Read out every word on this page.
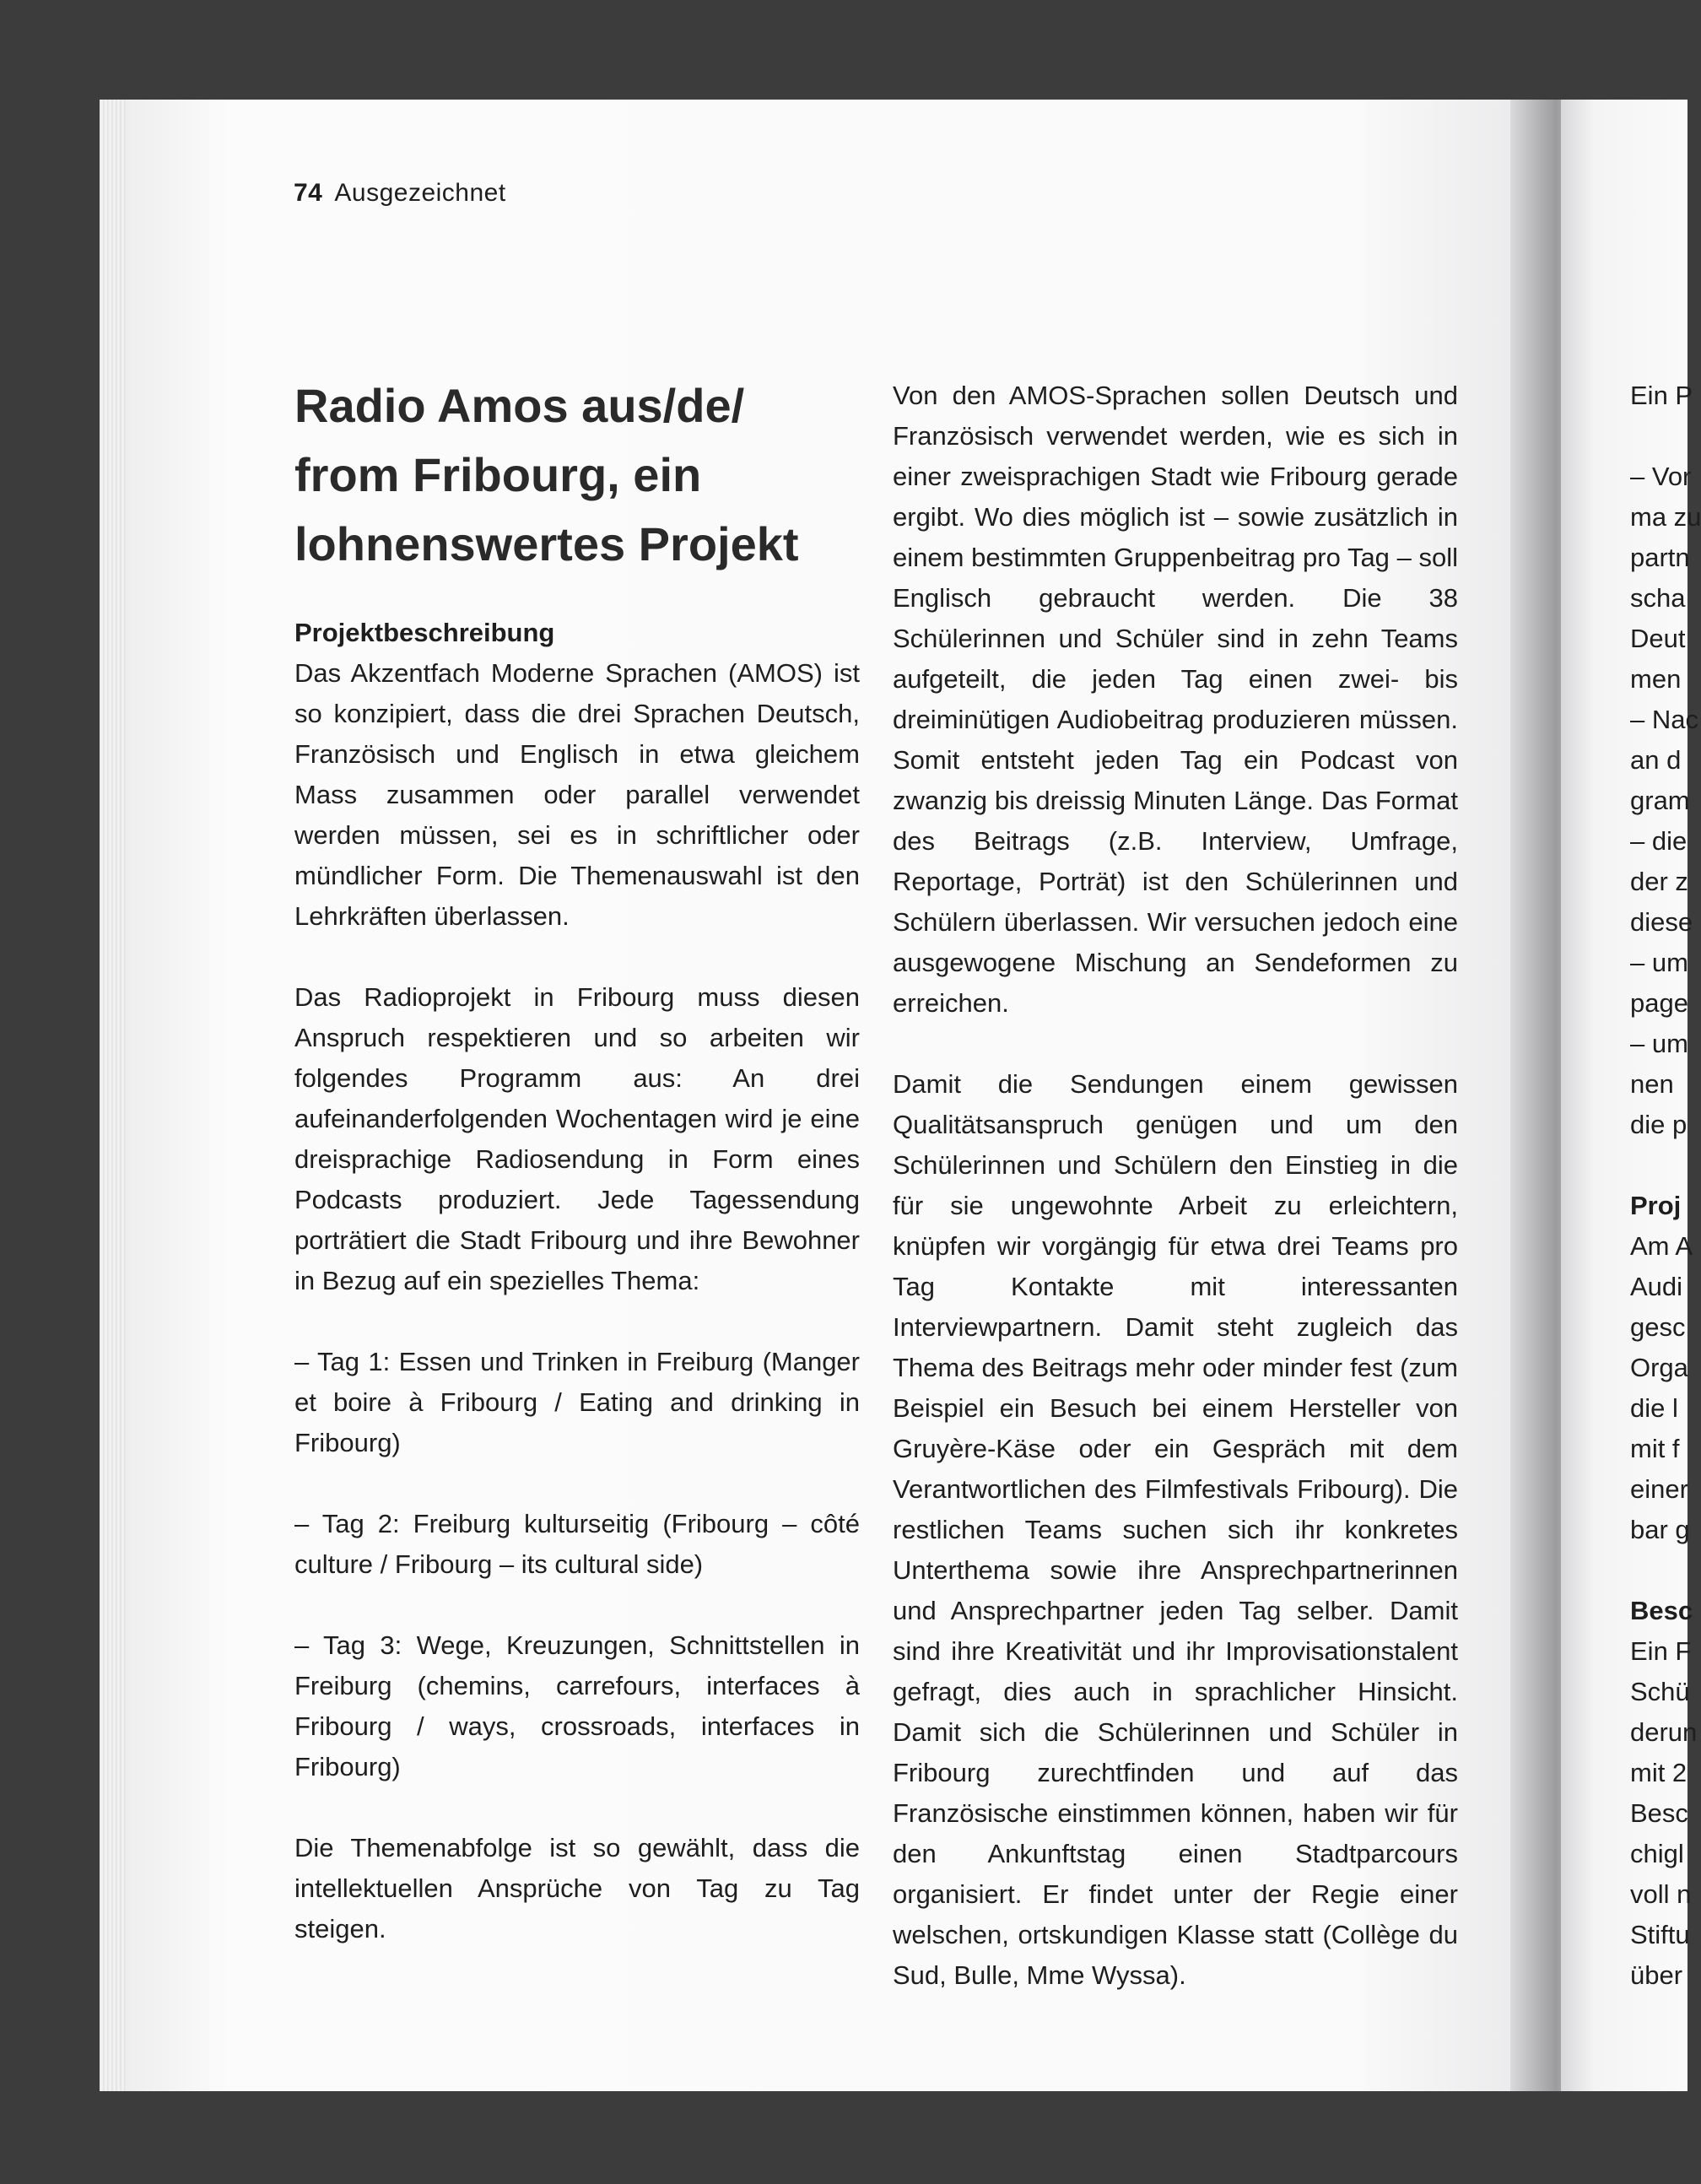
74 Ausgezeichnet
Radio Amos aus/de/
from Fribourg, ein
lohnenswertes Projekt
Projektbeschreibung

Das Akzentfach Moderne Sprachen (AMOS) ist so konzipiert, dass die drei Sprachen Deutsch, Französisch und Englisch in etwa gleichem Mass zusammen oder parallel verwendet werden müssen, sei es in schriftlicher oder mündlicher Form. Die Themenauswahl ist den Lehrkräften überlassen.

Das Radioprojekt in Fribourg muss diesen Anspruch respektieren und so arbeiten wir folgendes Programm aus: An drei aufeinanderfolgenden Wochentagen wird je eine dreisprachige Radiosendung in Form eines Podcasts produziert. Jede Tagessendung porträtiert die Stadt Fribourg und ihre Bewohner in Bezug auf ein spezielles Thema:

– Tag 1: Essen und Trinken in Freiburg (Manger et boire à Fribourg / Eating and drinking in Fribourg)

– Tag 2: Freiburg kulturseitig (Fribourg – côté culture / Fribourg – its cultural side)

– Tag 3: Wege, Kreuzungen, Schnittstellen in Freiburg (chemins, carrefours, interfaces à Fribourg / ways, crossroads, interfaces in Fribourg)

Die Themenabfolge ist so gewählt, dass die intellektuellen Ansprüche von Tag zu Tag steigen.

Von den AMOS-Sprachen sollen Deutsch und Französisch verwendet werden, wie es sich in einer zweisprachigen Stadt wie Fribourg gerade ergibt. Wo dies möglich ist – sowie zusätzlich in einem bestimmten Gruppenbeitrag pro Tag – soll Englisch gebraucht werden. Die 38 Schülerinnen und Schüler sind in zehn Teams aufgeteilt, die jeden Tag einen zwei- bis dreiminütigen Audiobeitrag produzieren müssen. Somit entsteht jeden Tag ein Podcast von zwanzig bis dreissig Minuten Länge. Das Format des Beitrags (z.B. Interview, Umfrage, Reportage, Porträt) ist den Schülerinnen und Schülern überlassen. Wir versuchen jedoch eine ausgewogene Mischung an Sendeformen zu erreichen.

Damit die Sendungen einem gewissen Qualitätsanspruch genügen und um den Schülerinnen und Schülern den Einstieg in die für sie ungewohnte Arbeit zu erleichtern, knüpfen wir vorgängig für etwa drei Teams pro Tag Kontakte mit interessanten Interviewpartnern. Damit steht zugleich das Thema des Beitrags mehr oder minder fest (zum Beispiel ein Besuch bei einem Hersteller von Gruyère-Käse oder ein Gespräch mit dem Verantwortlichen des Filmfestivals Fribourg). Die restlichen Teams suchen sich ihr konkretes Unterthema sowie ihre Ansprechpartnerinnen und Ansprechpartner jeden Tag selber. Damit sind ihre Kreativität und ihr Improvisationstalent gefragt, dies auch in sprachlicher Hinsicht. Damit sich die Schülerinnen und Schüler in Fribourg zurechtfinden und auf das Französische einstimmen können, haben wir für den Ankunftstag einen Stadtparcours organisiert. Er findet unter der Regie einer welschen, ortskundigen Klasse statt (Collège du Sud, Bulle, Mme Wyssa).

Ein P
– Vor
ma zu
partn
scha
Deut
men
– Nac
an d
gram
– die
der z
diese
– um
page
– um
nen
die p
Proj
Am A
Audi
gesc
Orga
die l
mit f
einer
bar g
Besc
Ein F
Schü
derun
mit 2
Besc
chigl
voll n
Stiftu
über
